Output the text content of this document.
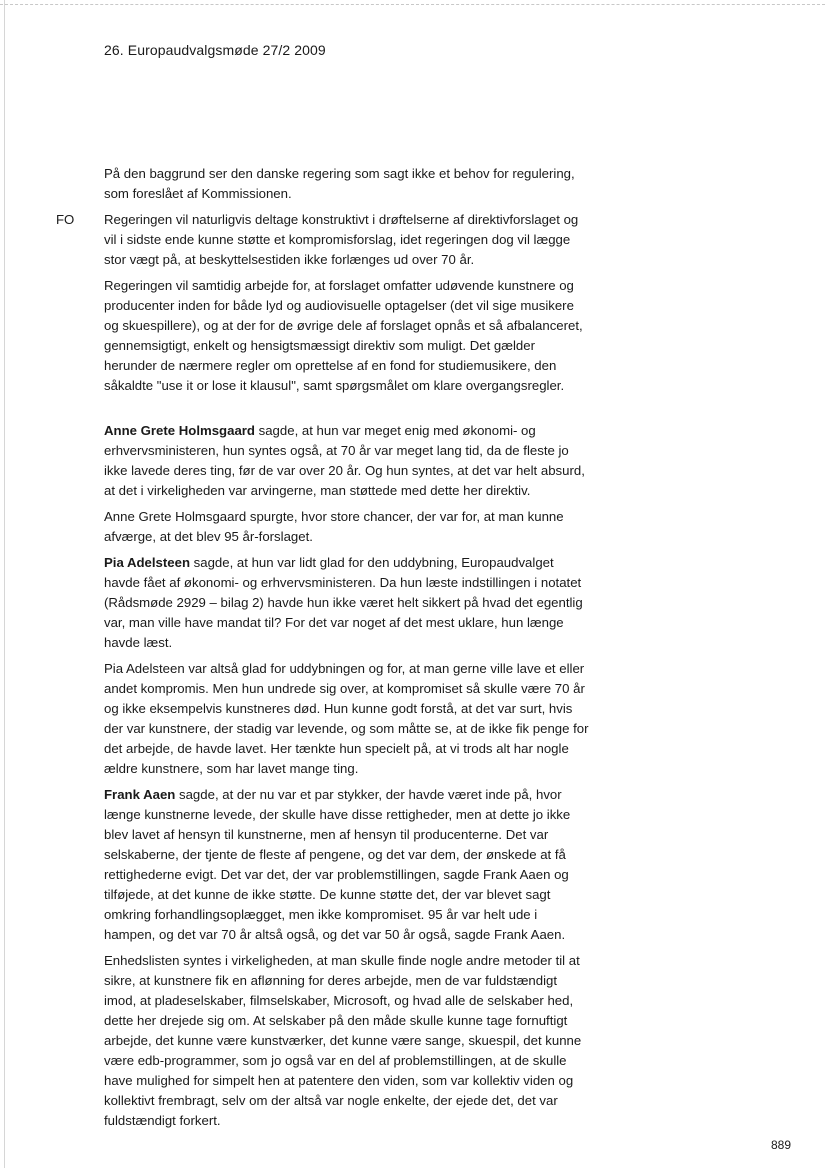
26. Europaudvalgsmøde 27/2 2009

På den baggrund ser den danske regering som sagt ikke et behov for regulering, som foreslået af Kommissionen.

FO Regeringen vil naturligvis deltage konstruktivt i drøftelserne af direktivforslaget og vil i sidste ende kunne støtte et kompromisforslag, idet regeringen dog vil lægge stor vægt på, at beskyttelsestiden ikke forlænges ud over 70 år.

Regeringen vil samtidig arbejde for, at forslaget omfatter udøvende kunstnere og producenter inden for både lyd og audiovisuelle optagelser (det vil sige musikere og skuespillere), og at der for de øvrige dele af forslaget opnås et så afbalanceret, gennemsigtigt, enkelt og hensigtsmæssigt direktiv som muligt. Det gælder herunder de nærmere regler om oprettelse af en fond for studiemusikere, den såkaldte "use it or lose it klausul", samt spørgsmålet om klare overgangsregler.

Anne Grete Holmsgaard sagde, at hun var meget enig med økonomi- og erhvervsministeren, hun syntes også, at 70 år var meget lang tid, da de fleste jo ikke lavede deres ting, før de var over 20 år. Og hun syntes, at det var helt absurd, at det i virkeligheden var arvingerne, man støttede med dette her direktiv.

Anne Grete Holmsgaard spurgte, hvor store chancer, der var for, at man kunne afværge, at det blev 95 år-forslaget.

Pia Adelsteen sagde, at hun var lidt glad for den uddybning, Europaudvalget havde fået af økonomi- og erhvervsministeren. Da hun læste indstillingen i notatet (Rådsmøde 2929 – bilag 2) havde hun ikke været helt sikkert på hvad det egentlig var, man ville have mandat til? For det var noget af det mest uklare, hun længe havde læst.

Pia Adelsteen var altså glad for uddybningen og for, at man gerne ville lave et eller andet kompromis. Men hun undrede sig over, at kompromiset så skulle være 70 år og ikke eksempelvis kunstneres død. Hun kunne godt forstå, at det var surt, hvis der var kunstnere, der stadig var levende, og som måtte se, at de ikke fik penge for det arbejde, de havde lavet. Her tænkte hun specielt på, at vi trods alt har nogle ældre kunstnere, som har lavet mange ting.

Frank Aaen sagde, at der nu var et par stykker, der havde været inde på, hvor længe kunstnerne levede, der skulle have disse rettigheder, men at dette jo ikke blev lavet af hensyn til kunstnerne, men af hensyn til producenterne. Det var selskaberne, der tjente de fleste af pengene, og det var dem, der ønskede at få rettighederne evigt. Det var det, der var problemstillingen, sagde Frank Aaen og tilføjede, at det kunne de ikke støtte. De kunne støtte det, der var blevet sagt omkring forhandlingsoplægget, men ikke kompromiset. 95 år var helt ude i hampen, og det var 70 år altså også, og det var 50 år også, sagde Frank Aaen.

Enhedslisten syntes i virkeligheden, at man skulle finde nogle andre metoder til at sikre, at kunstnere fik en aflønning for deres arbejde, men de var fuldstændigt imod, at pladeselskaber, filmselskaber, Microsoft, og hvad alle de selskaber hed, dette her drejede sig om. At selskaber på den måde skulle kunne tage fornuftigt arbejde, det kunne være kunstværker, det kunne være sange, skuespil, det kunne være edb-programmer, som jo også var en del af problemstillingen, at de skulle have mulighed for simpelt hen at patentere den viden, som var kollektiv viden og kollektivt frembragt, selv om der altså var nogle enkelte, der ejede det, det var fuldstændigt forkert.

889
